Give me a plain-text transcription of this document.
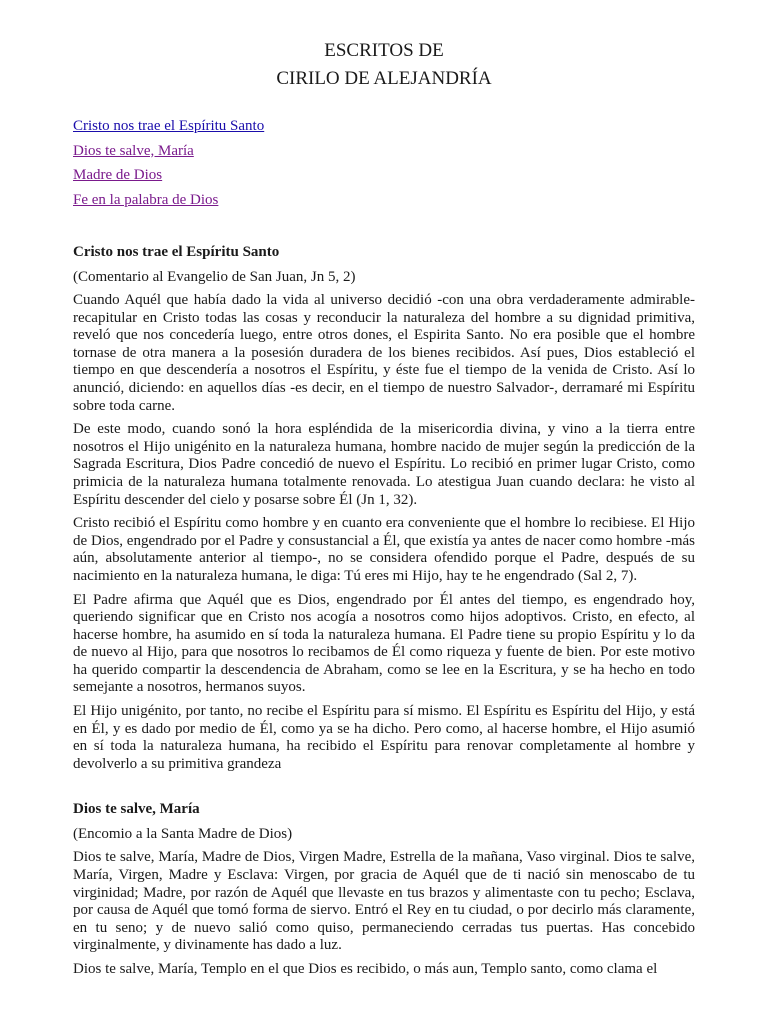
ESCRITOS DE
CIRILO DE ALEJANDRÍA
Cristo nos trae el Espíritu Santo
Dios te salve, María
Madre de Dios
Fe en la palabra de Dios
Cristo nos trae el Espíritu Santo

(Comentario al Evangelio de San Juan, Jn 5, 2)

Cuando Aquél que había dado la vida al universo decidió -con una obra verdaderamente admirable- recapitular en Cristo todas las cosas y reconducir la naturaleza del hombre a su dignidad primitiva, reveló que nos concedería luego, entre otros dones, el Espirita Santo. No era posible que el hombre tornase de otra manera a la posesión duradera de los bienes recibidos. Así pues, Dios estableció el tiempo en que descendería a nosotros el Espíritu, y éste fue el tiempo de la venida de Cristo. Así lo anunció, diciendo: en aquellos días -es decir, en el tiempo de nuestro Salvador-, derramaré mi Espíritu sobre toda carne.

De este modo, cuando sonó la hora espléndida de la misericordia divina, y vino a la tierra entre nosotros el Hijo unigénito en la naturaleza humana, hombre nacido de mujer según la predicción de la Sagrada Escritura, Dios Padre concedió de nuevo el Espíritu. Lo recibió en primer lugar Cristo, como primicia de la naturaleza humana totalmente renovada. Lo atestigua Juan cuando declara: he visto al Espíritu descender del cielo y posarse sobre Él (Jn 1, 32).

Cristo recibió el Espíritu como hombre y en cuanto era conveniente que el hombre lo recibiese. El Hijo de Dios, engendrado por el Padre y consustancial a Él, que existía ya antes de nacer como hombre -más aún, absolutamente anterior al tiempo-, no se considera ofendido porque el Padre, después de su nacimiento en la naturaleza humana, le diga: Tú eres mi Hijo, hay te he engendrado (Sal 2, 7).

El Padre afirma que Aquél que es Dios, engendrado por Él antes del tiempo, es engendrado hoy, queriendo significar que en Cristo nos acogía a nosotros como hijos adoptivos. Cristo, en efecto, al hacerse hombre, ha asumido en sí toda la naturaleza humana. El Padre tiene su propio Espíritu y lo da de nuevo al Hijo, para que nosotros lo recibamos de Él como riqueza y fuente de bien. Por este motivo ha querido compartir la descendencia de Abraham, como se lee en la Escritura, y se ha hecho en todo semejante a nosotros, hermanos suyos.

El Hijo unigénito, por tanto, no recibe el Espíritu para sí mismo. El Espíritu es Espíritu del Hijo, y está en Él, y es dado por medio de Él, como ya se ha dicho. Pero como, al hacerse hombre, el Hijo asumió en sí toda la naturaleza humana, ha recibido el Espíritu para renovar completamente al hombre y devolverlo a su primitiva grandeza

Dios te salve, María

(Encomio a la Santa Madre de Dios)

Dios te salve, María, Madre de Dios, Virgen Madre, Estrella de la mañana, Vaso virginal. Dios te salve, María, Virgen, Madre y Esclava: Virgen, por gracia de Aquél que de ti nació sin menoscabo de tu virginidad; Madre, por razón de Aquél que llevaste en tus brazos y alimentaste con tu pecho; Esclava, por causa de Aquél que tomó forma de siervo. Entró el Rey en tu ciudad, o por decirlo más claramente, en tu seno; y de nuevo salió como quiso, permaneciendo cerradas tus puertas. Has concebido virginalmente, y divinamente has dado a luz.

Dios te salve, María, Templo en el que Dios es recibido, o más aun, Templo santo, como clama el
